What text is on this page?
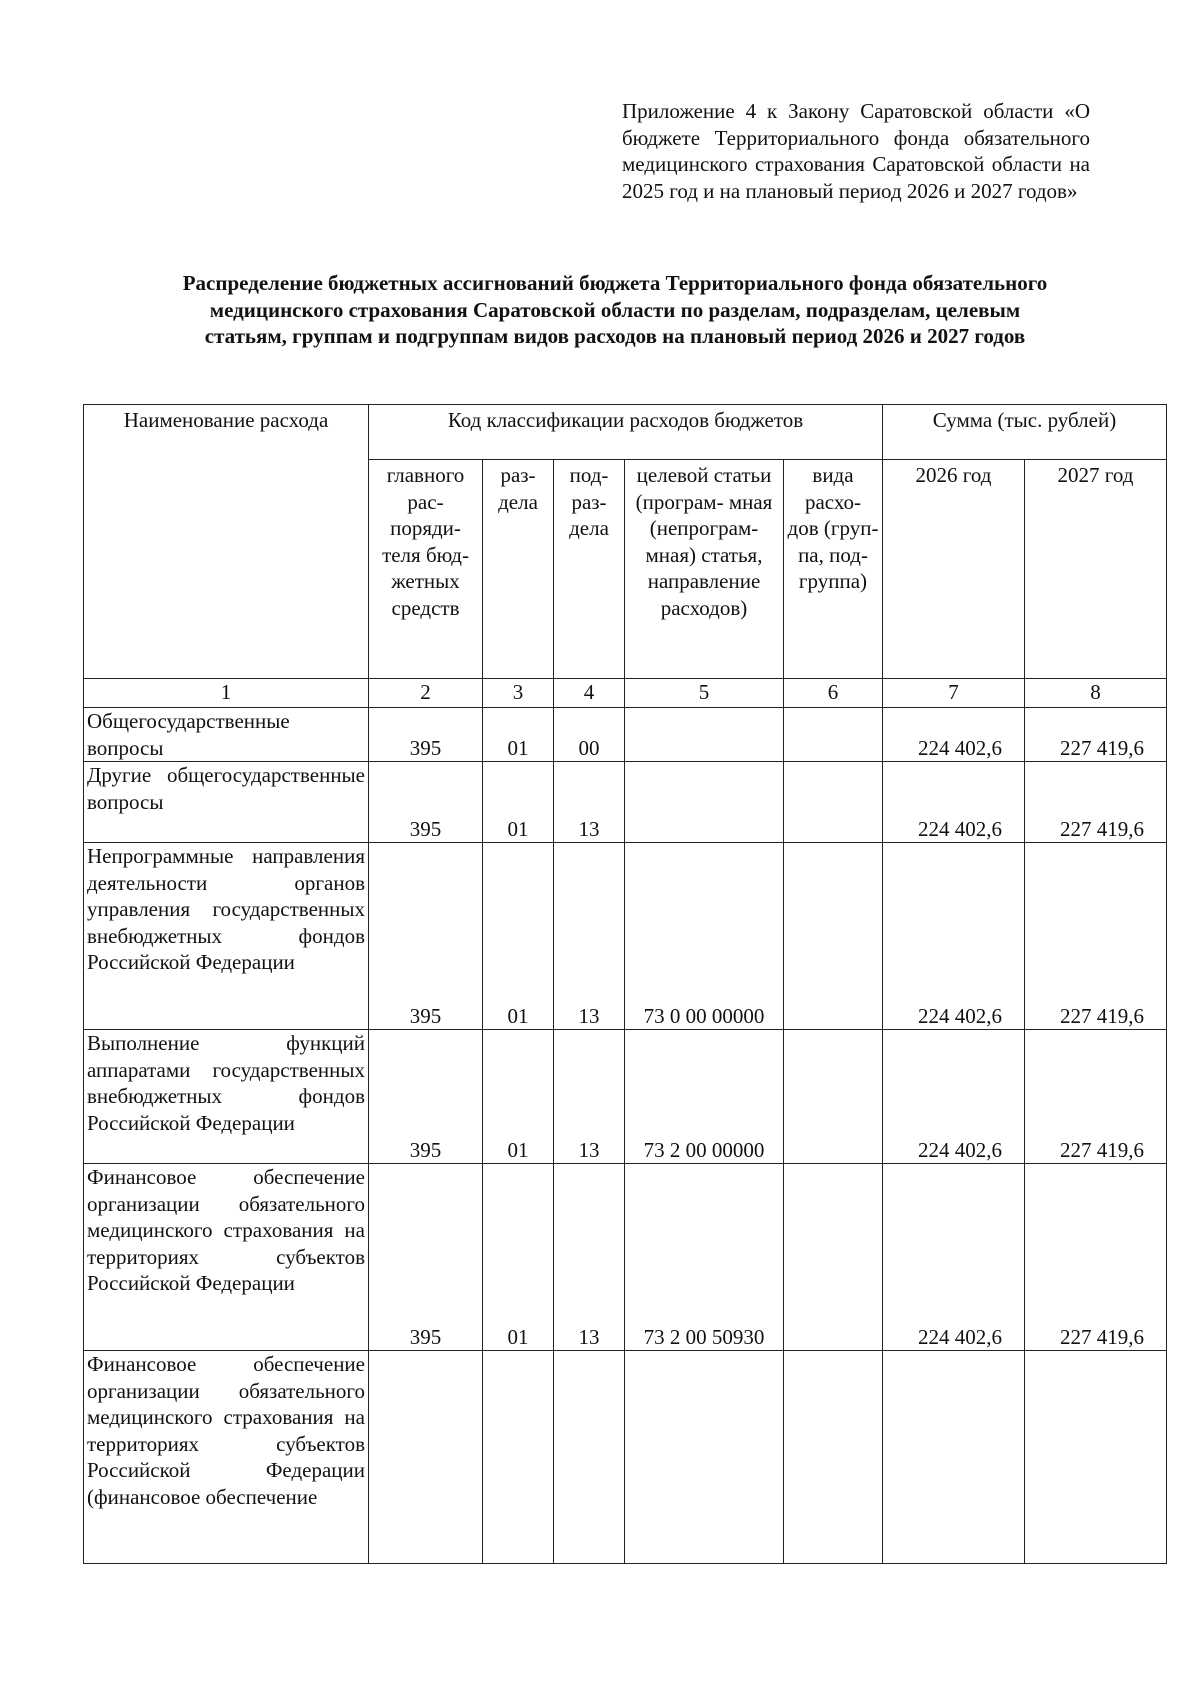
Приложение 4 к Закону Саратовской области «О бюджете Территориального фонда обязательного медицинского страхования Саратовской области на 2025 год и на плановый период 2026 и 2027 годов»
Распределение бюджетных ассигнований бюджета Территориального фонда обязательного медицинского страхования Саратовской области по разделам, подразделам, целевым статьям, группам и подгруппам видов расходов на плановый период 2026 и 2027 годов
Наименование расхода	Код классификации расходов бюджетов					Сумма (тыс. рублей)	
	главного рас- поряди- теля бюд- жетных средств	раз- дела	под- раз- дела	целевой статьи (програм- мная (непрограм- мная) статья, направление расходов)	вида расхо- дов (груп- па, под- группа)	2026 год	2027 год
1	2	3	4	5	6	7	8
Общегосударственные вопросы	395	01	00			224 402,6	227 419,6
Другие общегосударственные вопросы	395	01	13			224 402,6	227 419,6
Непрограммные направления деятельности органов управления государственных внебюджетных фондов Российской Федерации	395	01	13	73 0 00 00000		224 402,6	227 419,6
Выполнение функций аппаратами государственных внебюджетных фондов Российской Федерации	395	01	13	73 2 00 00000		224 402,6	227 419,6
Финансовое обеспечение организации обязательного медицинского страхования на территориях субъектов Российской Федерации	395	01	13	73 2 00 50930		224 402,6	227 419,6
Финансовое обеспечение организации обязательного медицинского страхования на территориях субъектов Российской Федерации (финансовое обеспечение							
